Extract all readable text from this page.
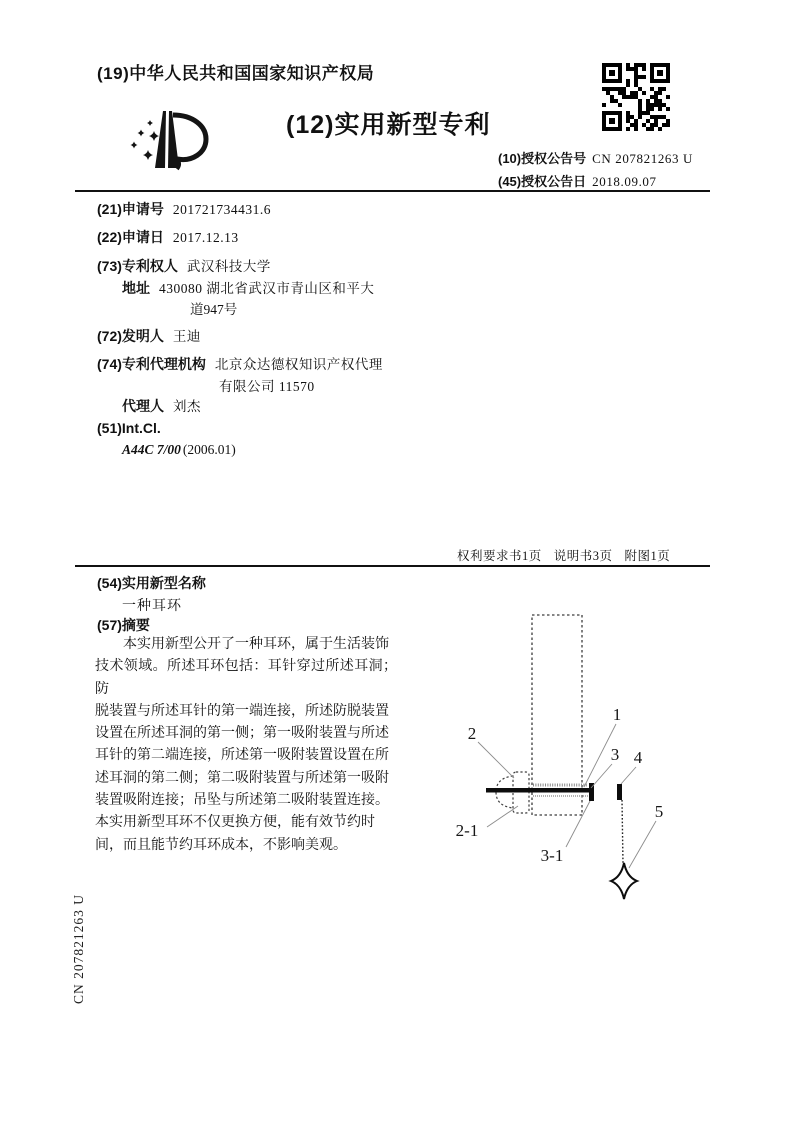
(19)中华人民共和国国家知识产权局
(12)实用新型专利
(10)授权公告号 CN 207821263 U
(45)授权公告日 2018.09.07
(21)申请号 201721734431.6
(22)申请日 2017.12.13
(73)专利权人 武汉科技大学
地址 430080 湖北省武汉市青山区和平大
道947号
(72)发明人 王迪
(74)专利代理机构 北京众达德权知识产权代理
有限公司 11570
代理人 刘杰
(51)Int.Cl.
A44C 7/00 (2006.01)
权利要求书1页 说明书3页 附图1页
(54)实用新型名称
一种耳环
(57)摘要
本实用新型公开了一种耳环，属于生活装饰
技术领域。所述耳环包括：耳针穿过所述耳洞；防
脱装置与所述耳针的第一端连接，所述防脱装置
设置在所述耳洞的第一侧；第一吸附装置与所述
耳针的第二端连接，所述第一吸附装置设置在所
述耳洞的第二侧；第二吸附装置与所述第一吸附
装置吸附连接；吊坠与所述第二吸附装置连接。
本实用新型耳环不仅更换方便，能有效节约时
间，而且能节约耳环成本，不影响美观。
2
2-1
1
3 4
3-1
5
CN 207821263 U
